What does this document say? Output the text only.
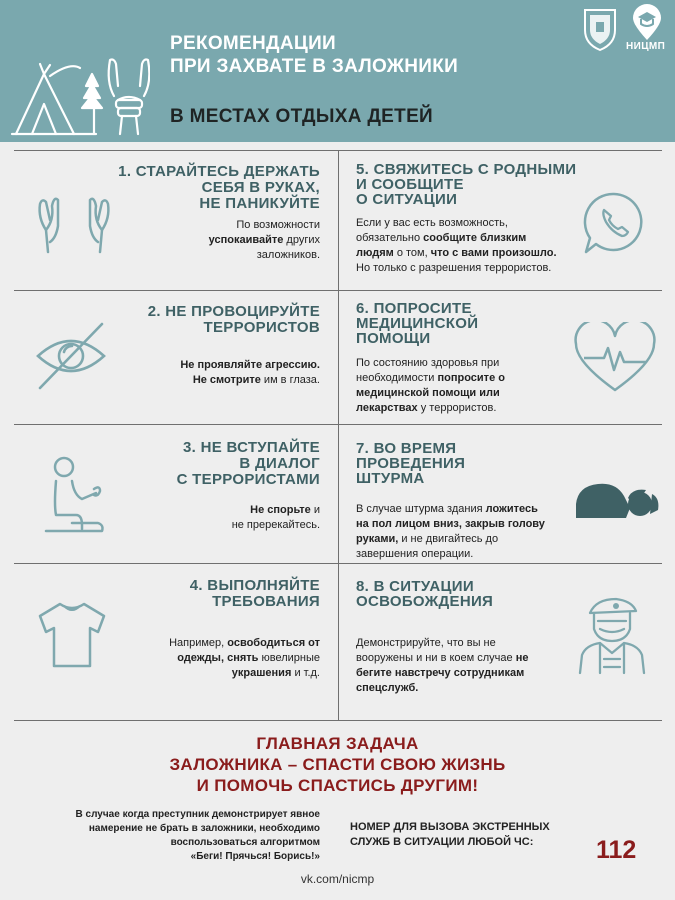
РЕКОМЕНДАЦИИ
ПРИ ЗАХВАТЕ В ЗАЛОЖНИКИ
В МЕСТАХ ОТДЫХА ДЕТЕЙ
НИЦМП
1. СТАРАЙТЕСЬ ДЕРЖАТЬ
СЕБЯ В РУКАХ,
НЕ ПАНИКУЙТЕ
По возможности
успокаивайте других
заложников.
2. НЕ ПРОВОЦИРУЙТЕ
ТЕРРОРИСТОВ
Не проявляйте агрессию.
Не смотрите им в глаза.
3. НЕ ВСТУПАЙТЕ
В ДИАЛОГ
С ТЕРРОРИСТАМИ
Не спорьте и
не пререкайтесь.
4. ВЫПОЛНЯЙТЕ
ТРЕБОВАНИЯ
Например, освободиться от
одежды, снять ювелирные
украшения и т.д.
5. СВЯЖИТЕСЬ С РОДНЫМИ
И СООБЩИТЕ
О СИТУАЦИИ
Если у вас есть возможность,
обязательно сообщите близким
людям о том, что с вами произошло.
Но только с разрешения террористов.
6. ПОПРОСИТЕ
МЕДИЦИНСКОЙ
ПОМОЩИ
По состоянию здоровья при
необходимости попросите о
медицинской помощи или
лекарствах у террористов.
7. ВО ВРЕМЯ
ПРОВЕДЕНИЯ
ШТУРМА
В случае штурма здания ложитесь
на пол лицом вниз, закрыв голову
руками, и не двигайтесь до
завершения операции.
8. В СИТУАЦИИ
ОСВОБОЖДЕНИЯ
Демонстрируйте, что вы не
вооружены и ни в коем случае не
бегите навстречу сотрудникам
спецслужб.
ГЛАВНАЯ ЗАДАЧА
ЗАЛОЖНИКА – СПАСТИ СВОЮ ЖИЗНЬ
И ПОМОЧЬ СПАСТИСЬ ДРУГИМ!
В случае когда преступник демонстрирует явное
намерение не брать в заложники, необходимо
воспользоваться алгоритмом
«Беги! Прячься! Борись!»
НОМЕР ДЛЯ ВЫЗОВА ЭКСТРЕННЫХ
СЛУЖБ В СИТУАЦИИ ЛЮБОЙ ЧС:	112
vk.com/nicmp
